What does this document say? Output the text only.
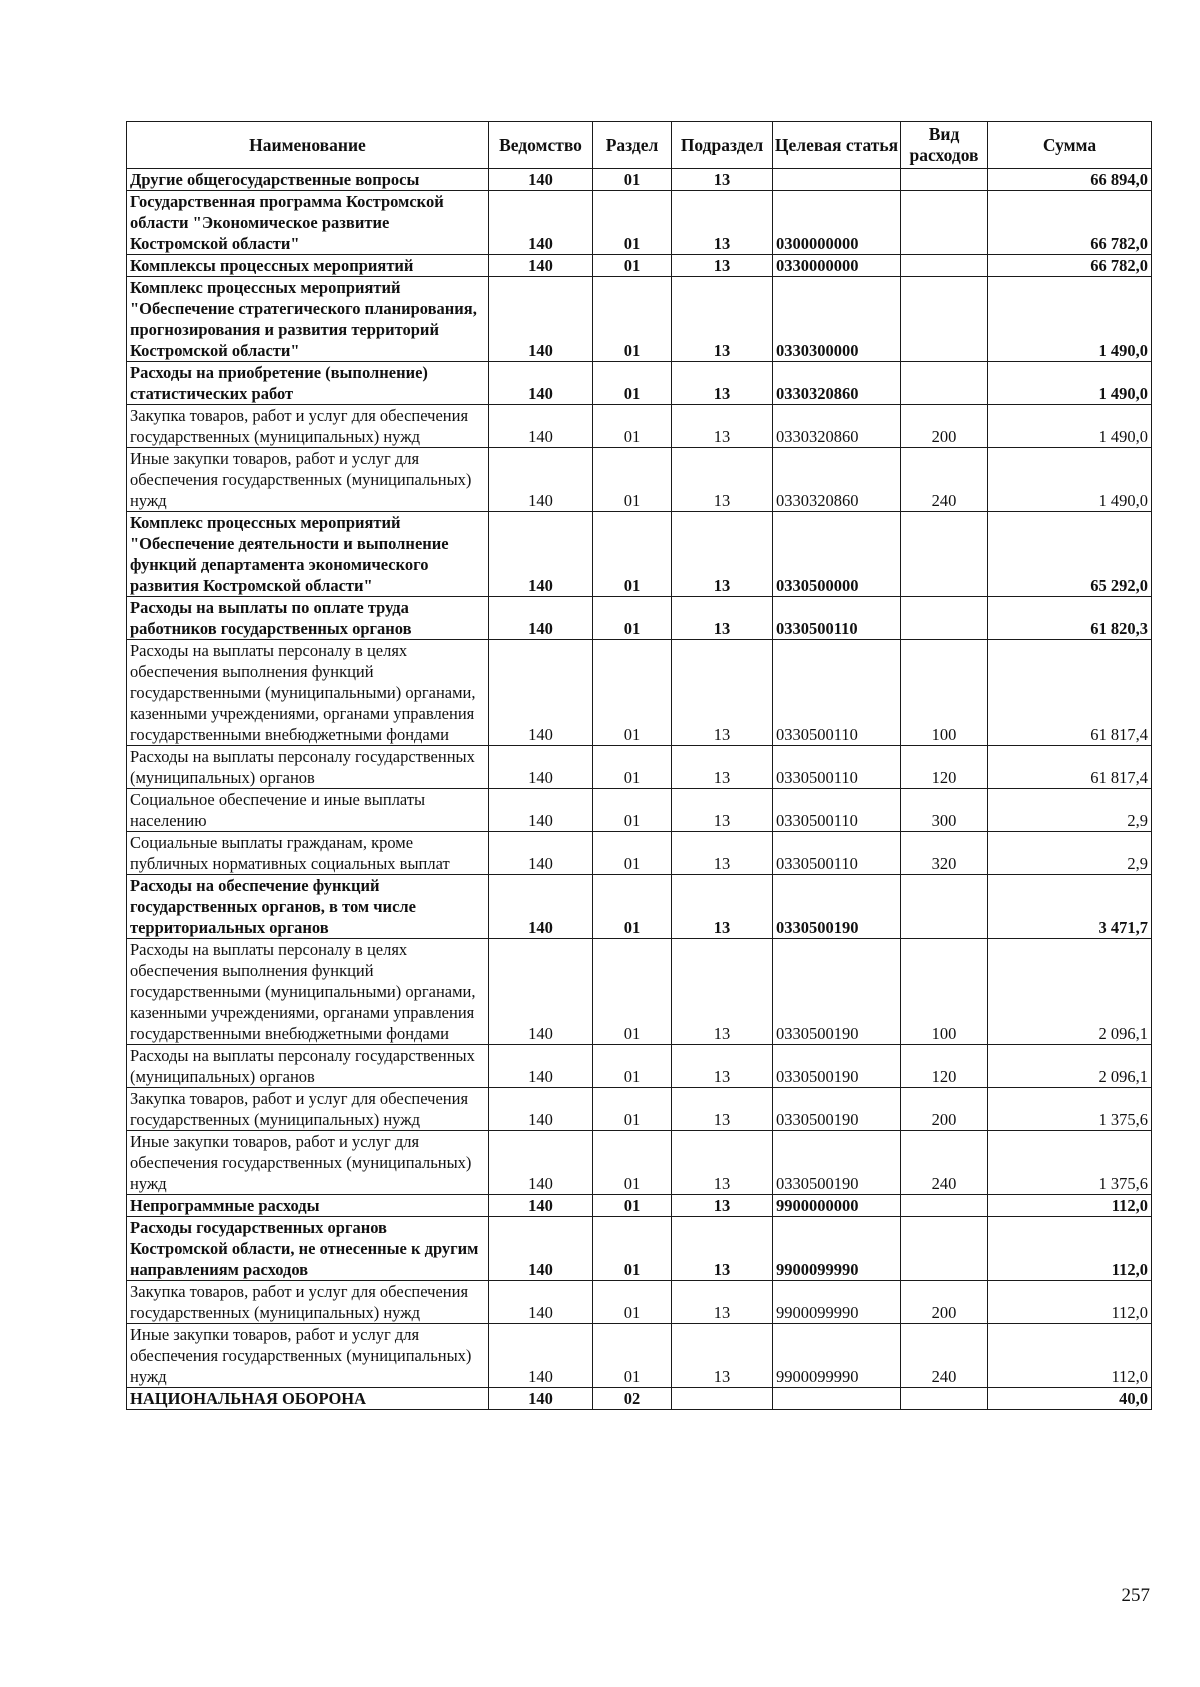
Наименование	Ведомство	Раздел	Подраздел	Целевая статья	Вид расходов	Сумма
Другие общегосударственные вопросы	140	01	13			66 894,0
Государственная программа Костромской области "Экономическое развитие Костромской области"	140	01	13	0300000000		66 782,0
Комплексы процессных мероприятий	140	01	13	0330000000		66 782,0
Комплекс процессных мероприятий "Обеспечение стратегического планирования, прогнозирования и развития территорий Костромской области"	140	01	13	0330300000		1 490,0
Расходы на приобретение (выполнение) статистических работ	140	01	13	0330320860		1 490,0
Закупка товаров, работ и услуг для обеспечения государственных (муниципальных) нужд	140	01	13	0330320860	200	1 490,0
Иные закупки товаров, работ и услуг для обеспечения государственных (муниципальных) нужд	140	01	13	0330320860	240	1 490,0
Комплекс процессных мероприятий "Обеспечение деятельности и выполнение функций департамента экономического развития Костромской области"	140	01	13	0330500000		65 292,0
Расходы на выплаты по оплате труда работников государственных органов	140	01	13	0330500110		61 820,3
Расходы на выплаты персоналу в целях обеспечения выполнения функций государственными (муниципальными) органами, казенными учреждениями, органами управления государственными внебюджетными фондами	140	01	13	0330500110	100	61 817,4
Расходы на выплаты персоналу государственных (муниципальных) органов	140	01	13	0330500110	120	61 817,4
Социальное обеспечение и иные выплаты населению	140	01	13	0330500110	300	2,9
Социальные выплаты гражданам, кроме публичных нормативных социальных выплат	140	01	13	0330500110	320	2,9
Расходы на обеспечение функций государственных органов, в том числе территориальных органов	140	01	13	0330500190		3 471,7
Расходы на выплаты персоналу в целях обеспечения выполнения функций государственными (муниципальными) органами, казенными учреждениями, органами управления государственными внебюджетными фондами	140	01	13	0330500190	100	2 096,1
Расходы на выплаты персоналу государственных (муниципальных) органов	140	01	13	0330500190	120	2 096,1
Закупка товаров, работ и услуг для обеспечения государственных (муниципальных) нужд	140	01	13	0330500190	200	1 375,6
Иные закупки товаров, работ и услуг для обеспечения государственных (муниципальных) нужд	140	01	13	0330500190	240	1 375,6
Непрограммные расходы	140	01	13	9900000000		112,0
Расходы государственных органов Костромской области, не отнесенные к другим направлениям расходов	140	01	13	9900099990		112,0
Закупка товаров, работ и услуг для обеспечения государственных (муниципальных) нужд	140	01	13	9900099990	200	112,0
Иные закупки товаров, работ и услуг для обеспечения государственных (муниципальных) нужд	140	01	13	9900099990	240	112,0
НАЦИОНАЛЬНАЯ ОБОРОНА	140	02				40,0
257
